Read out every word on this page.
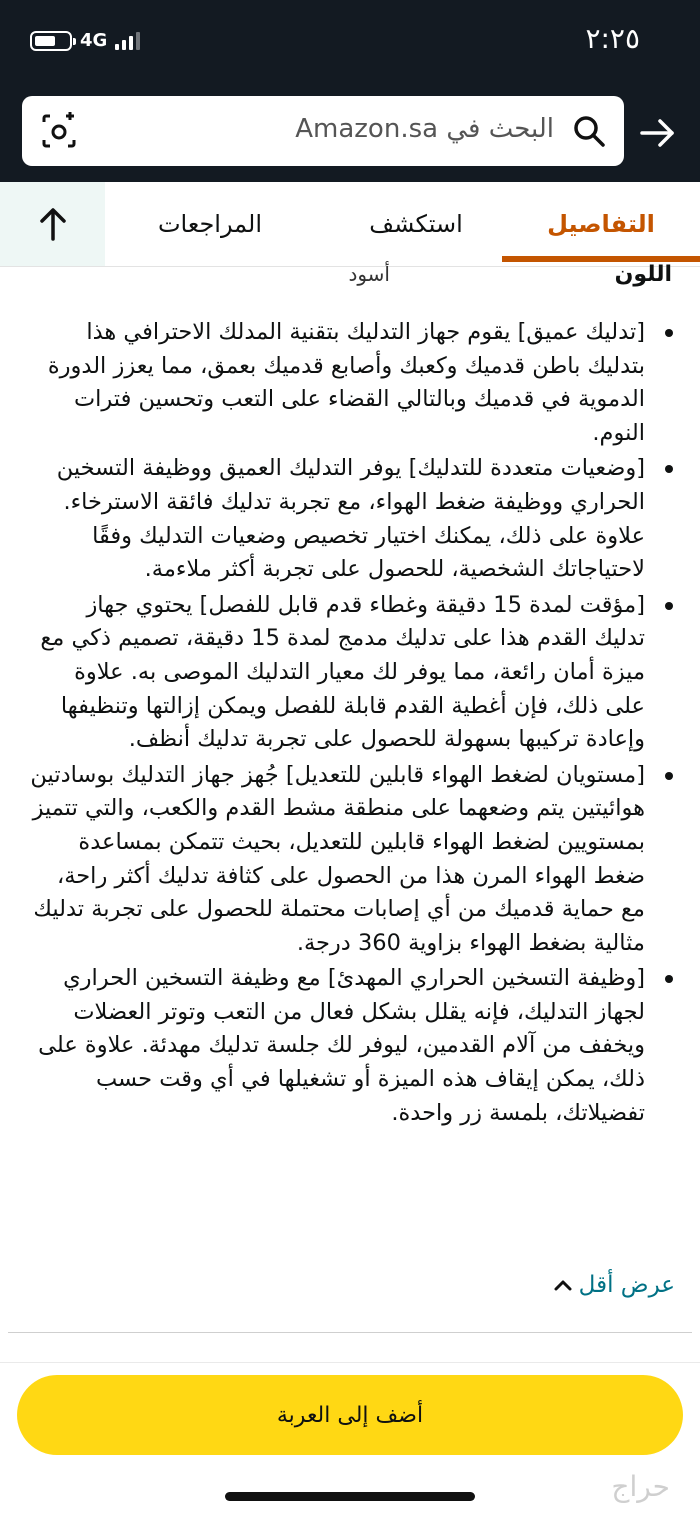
4G	٢:٢٥
البحث في Amazon.sa
التفاصيل
استكشف
المراجعات
اللون
أسود
[تدليك عميق] يقوم جهاز التدليك بتقنية المدلك الاحترافي هذا بتدليك باطن قدميك وكعبك وأصابع قدميك بعمق، مما يعزز الدورة الدموية في قدميك وبالتالي القضاء على التعب وتحسين فترات النوم.
[وضعيات متعددة للتدليك] يوفر التدليك العميق ووظيفة التسخين الحراري ووظيفة ضغط الهواء، مع تجربة تدليك فائقة الاسترخاء. علاوة على ذلك، يمكنك اختيار تخصيص وضعيات التدليك وفقًا لاحتياجاتك الشخصية، للحصول على تجربة أكثر ملاءمة.
[مؤقت لمدة 15 دقيقة وغطاء قدم قابل للفصل] يحتوي جهاز تدليك القدم هذا على تدليك مدمج لمدة 15 دقيقة، تصميم ذكي مع ميزة أمان رائعة، مما يوفر لك معيار التدليك الموصى به. علاوة على ذلك، فإن أغطية القدم قابلة للفصل ويمكن إزالتها وتنظيفها وإعادة تركيبها بسهولة للحصول على تجربة تدليك أنظف.
[مستويان لضغط الهواء قابلين للتعديل] جُهز جهاز التدليك بوسادتين هوائيتين يتم وضعهما على منطقة مشط القدم والكعب، والتي تتميز بمستويين لضغط الهواء قابلين للتعديل، بحيث تتمكن بمساعدة ضغط الهواء المرن هذا من الحصول على كثافة تدليك أكثر راحة، مع حماية قدميك من أي إصابات محتملة للحصول على تجربة تدليك مثالية بضغط الهواء بزاوية 360 درجة.
[وظيفة التسخين الحراري المهدئ] مع وظيفة التسخين الحراري لجهاز التدليك، فإنه يقلل بشكل فعال من التعب وتوتر العضلات ويخفف من آلام القدمين، ليوفر لك جلسة تدليك مهدئة. علاوة على ذلك، يمكن إيقاف هذه الميزة أو تشغيلها في أي وقت حسب تفضيلاتك، بلمسة زر واحدة.
عرض أقل
أضف إلى العربة
حراج
